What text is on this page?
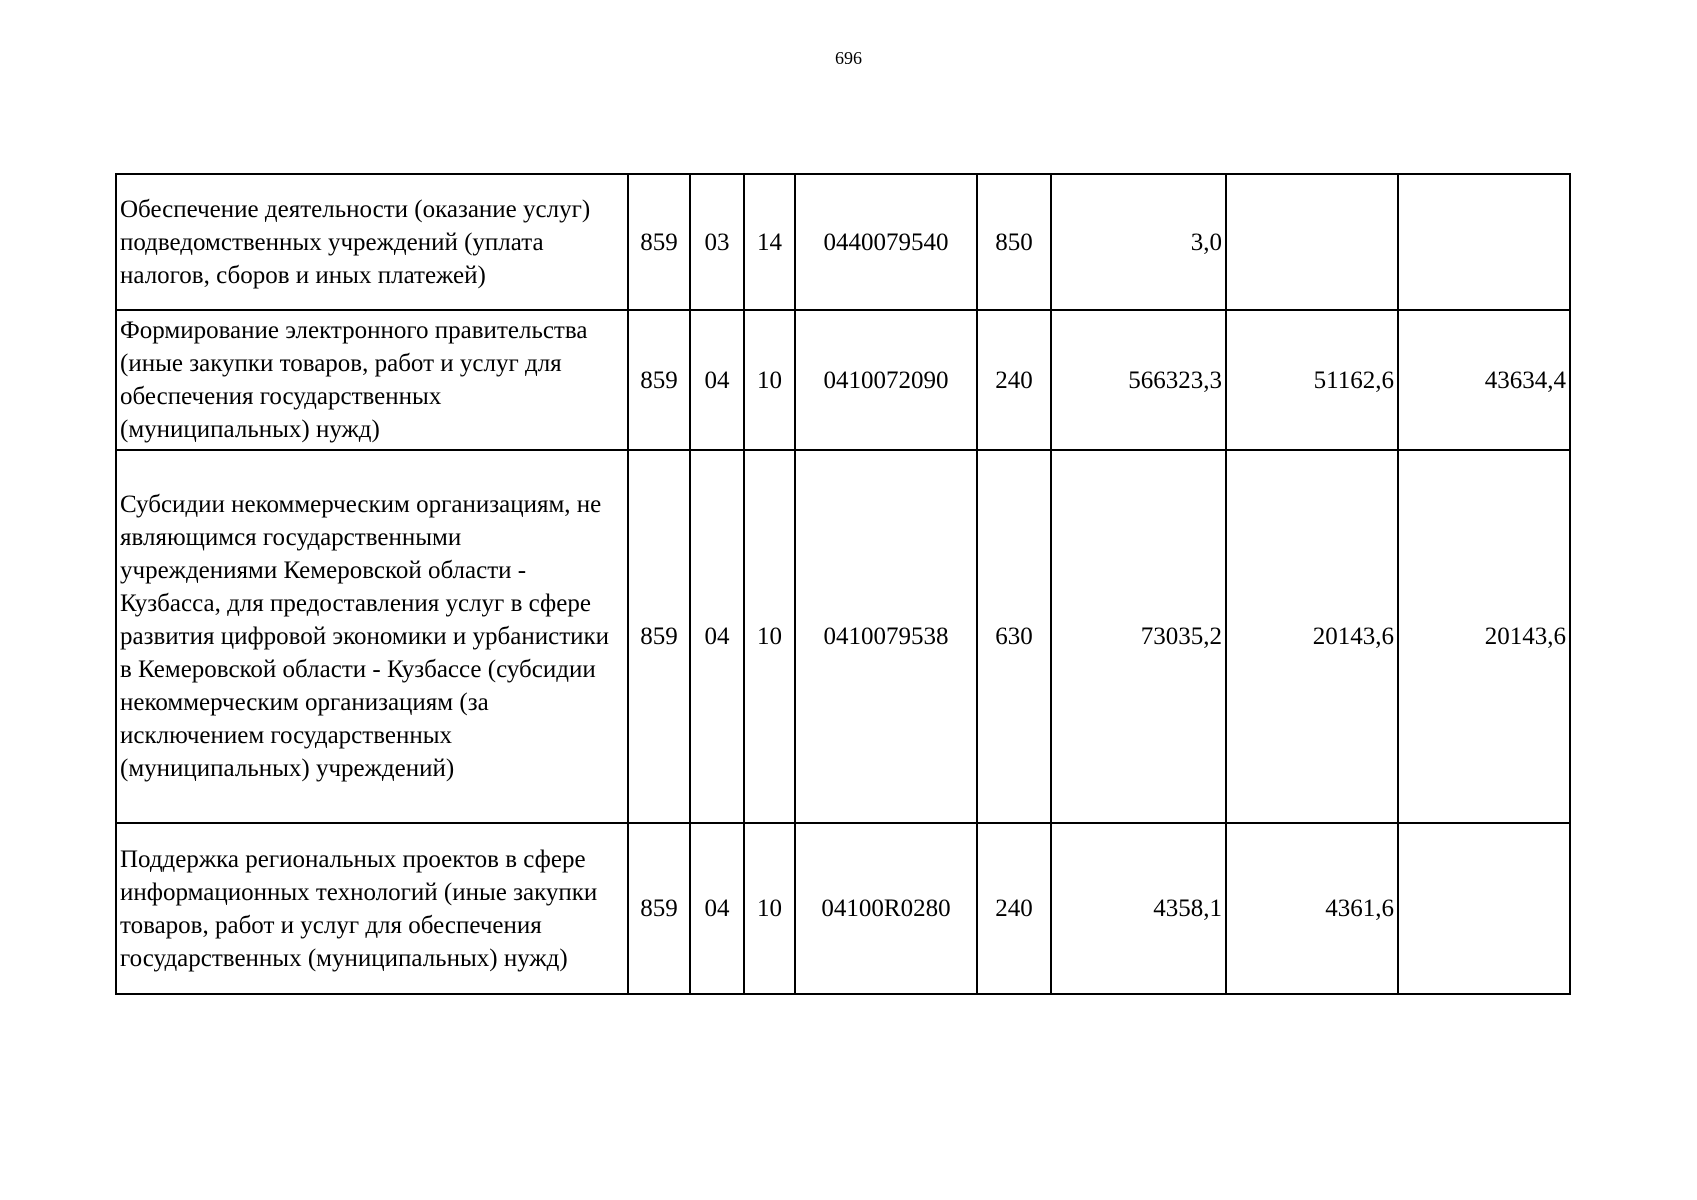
696
Обеспечение деятельности (оказание услуг) подведомственных учреждений (уплата налогов, сборов и иных платежей)	859	03	14	0440079540	850	3,0		
Формирование электронного правительства (иные закупки товаров, работ и услуг для обеспечения государственных (муниципальных) нужд)	859	04	10	0410072090	240	566323,3	51162,6	43634,4
Субсидии некоммерческим организациям, не являющимся государственными учреждениями Кемеровской области - Кузбасса, для предоставления услуг в сфере развития цифровой экономики и урбанистики в Кемеровской области - Кузбассе (субсидии некоммерческим организациям (за исключением государственных (муниципальных) учреждений)	859	04	10	0410079538	630	73035,2	20143,6	20143,6
Поддержка региональных проектов в сфере информационных технологий (иные закупки товаров, работ и услуг для обеспечения государственных (муниципальных) нужд)	859	04	10	04100R0280	240	4358,1	4361,6	
